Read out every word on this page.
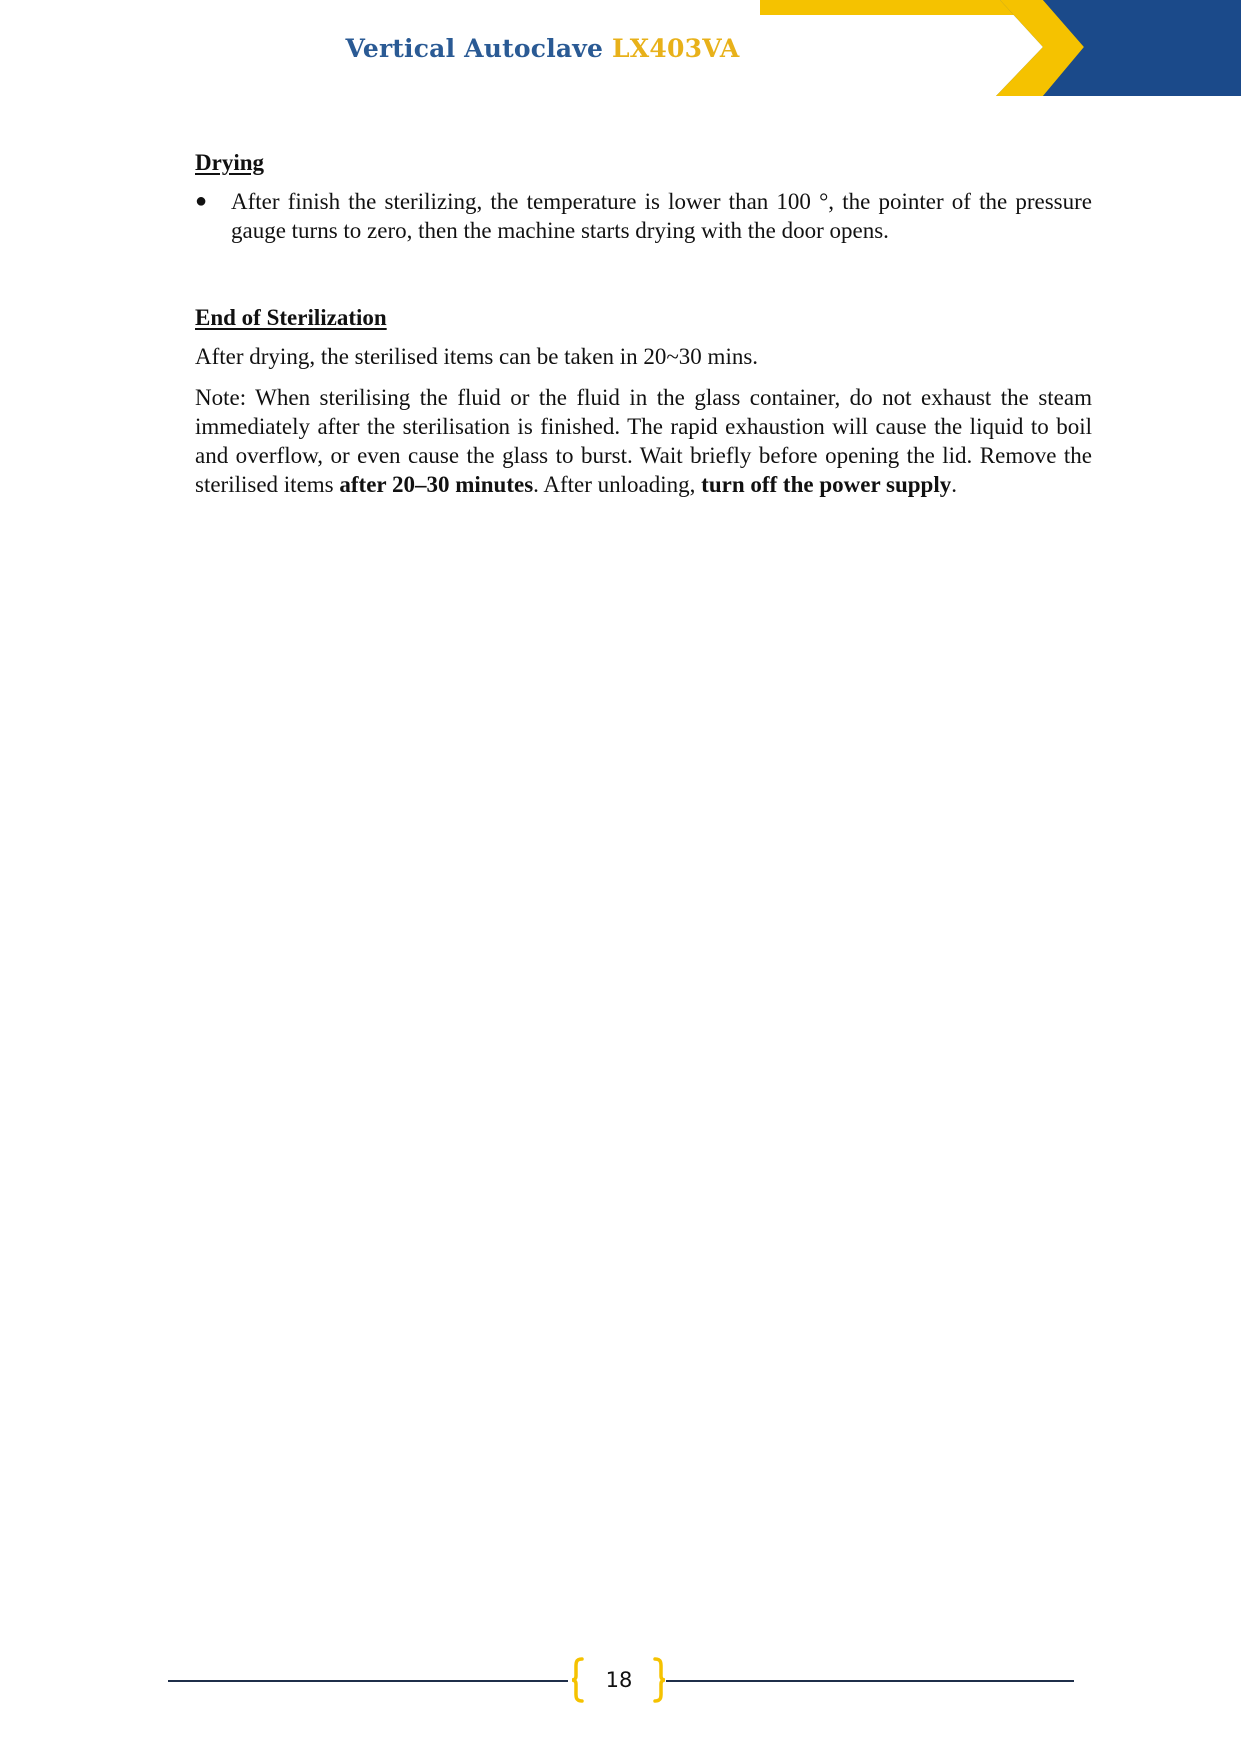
Vertical Autoclave LX403VA
Drying
●	After finish the sterilizing, the temperature is lower than 100 °, the pointer of the pressure gauge turns to zero, then the machine starts drying with the door opens.
End of Sterilization

After drying, the sterilised items can be taken in 20~30 mins.

Note: When sterilising the fluid or the fluid in the glass container, do not exhaust the steam immediately after the sterilisation is finished. The rapid exhaustion will cause the liquid to boil and overflow, or even cause the glass to burst. Wait briefly before opening the lid. Remove the sterilised items after 20–30 minutes. After unloading, turn off the power supply.

18
